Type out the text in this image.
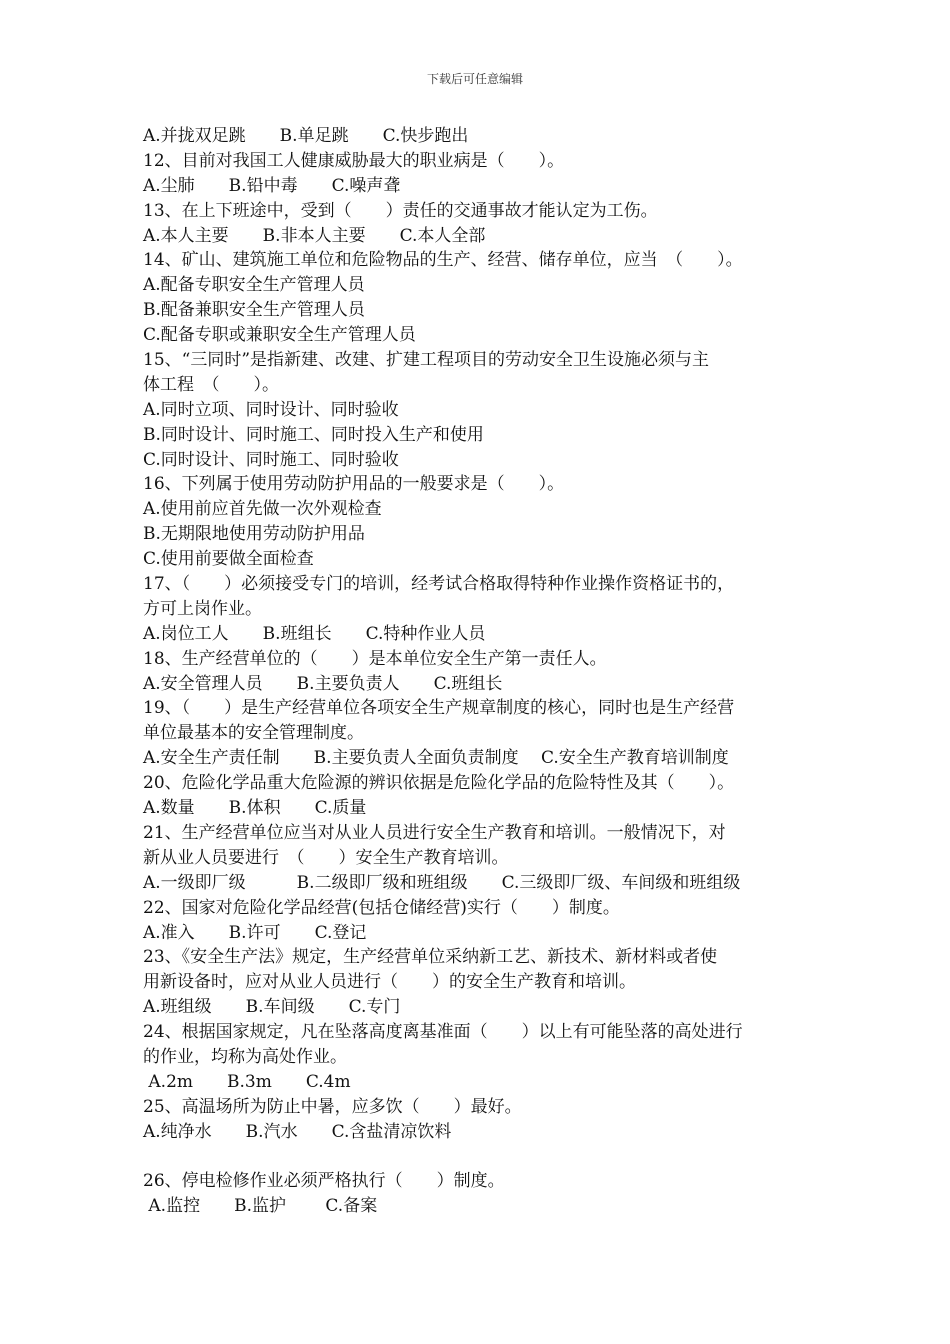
下载后可任意编辑
A.并拢双足跳　　B.单足跳　　C.快步跑出
12、目前对我国工人健康威胁最大的职业病是（　　）。
A.尘肺　　B.铅中毒　　C.噪声聋
13、在上下班途中，受到（　　）责任的交通事故才能认定为工伤。
A.本人主要　　B.非本人主要　　C.本人全部
14、矿山、建筑施工单位和危险物品的生产、经营、储存单位，应当　（　　）。
A.配备专职安全生产管理人员
B.配备兼职安全生产管理人员
C.配备专职或兼职安全生产管理人员
15、“三同时”是指新建、改建、扩建工程项目的劳动安全卫生设施必须与主
体工程　（　　）。
A.同时立项、同时设计、同时验收
B.同时设计、同时施工、同时投入生产和使用
C.同时设计、同时施工、同时验收
16、下列属于使用劳动防护用品的一般要求是（　　）。
A.使用前应首先做一次外观检查
B.无期限地使用劳动防护用品
C.使用前要做全面检查
17、（　　）必须接受专门的培训，经考试合格取得特种作业操作资格证书的，
方可上岗作业。
A.岗位工人　　B.班组长　　C.特种作业人员
18、生产经营单位的（　　）是本单位安全生产第一责任人。
A.安全管理人员　　B.主要负责人　　C.班组长
19、（　　）是生产经营单位各项安全生产规章制度的核心，同时也是生产经营
单位最基本的安全管理制度。
A.安全生产责任制　　B.主要负责人全面负责制度　 C.安全生产教育培训制度
20、危险化学品重大危险源的辨识依据是危险化学品的危险特性及其（　　）。
A.数量　　B.体积　　C.质量
21、生产经营单位应当对从业人员进行安全生产教育和培训。一般情况下，对
新从业人员要进行　（　　）安全生产教育培训。
A.一级即厂级　　　B.二级即厂级和班组级　　C.三级即厂级、车间级和班组级
22、国家对危险化学品经营(包括仓储经营)实行（　　）制度。
A.准入　　B.许可　　C.登记
23、《安全生产法》规定，生产经营单位采纳新工艺、新技术、新材料或者使
用新设备时，应对从业人员进行（　　）的安全生产教育和培训。
A.班组级　　B.车间级　　C.专门
24、根据国家规定，凡在坠落高度离基准面（　　）以上有可能坠落的高处进行
的作业，均称为高处作业。
A.2m　　B.3m　　C.4m
25、高温场所为防止中暑，应多饮（　　）最好。
A.纯净水　　B.汽水　　C.含盐清凉饮料
26、停电检修作业必须严格执行（　　）制度。
A.监控　　B.监护　　 C.备案
